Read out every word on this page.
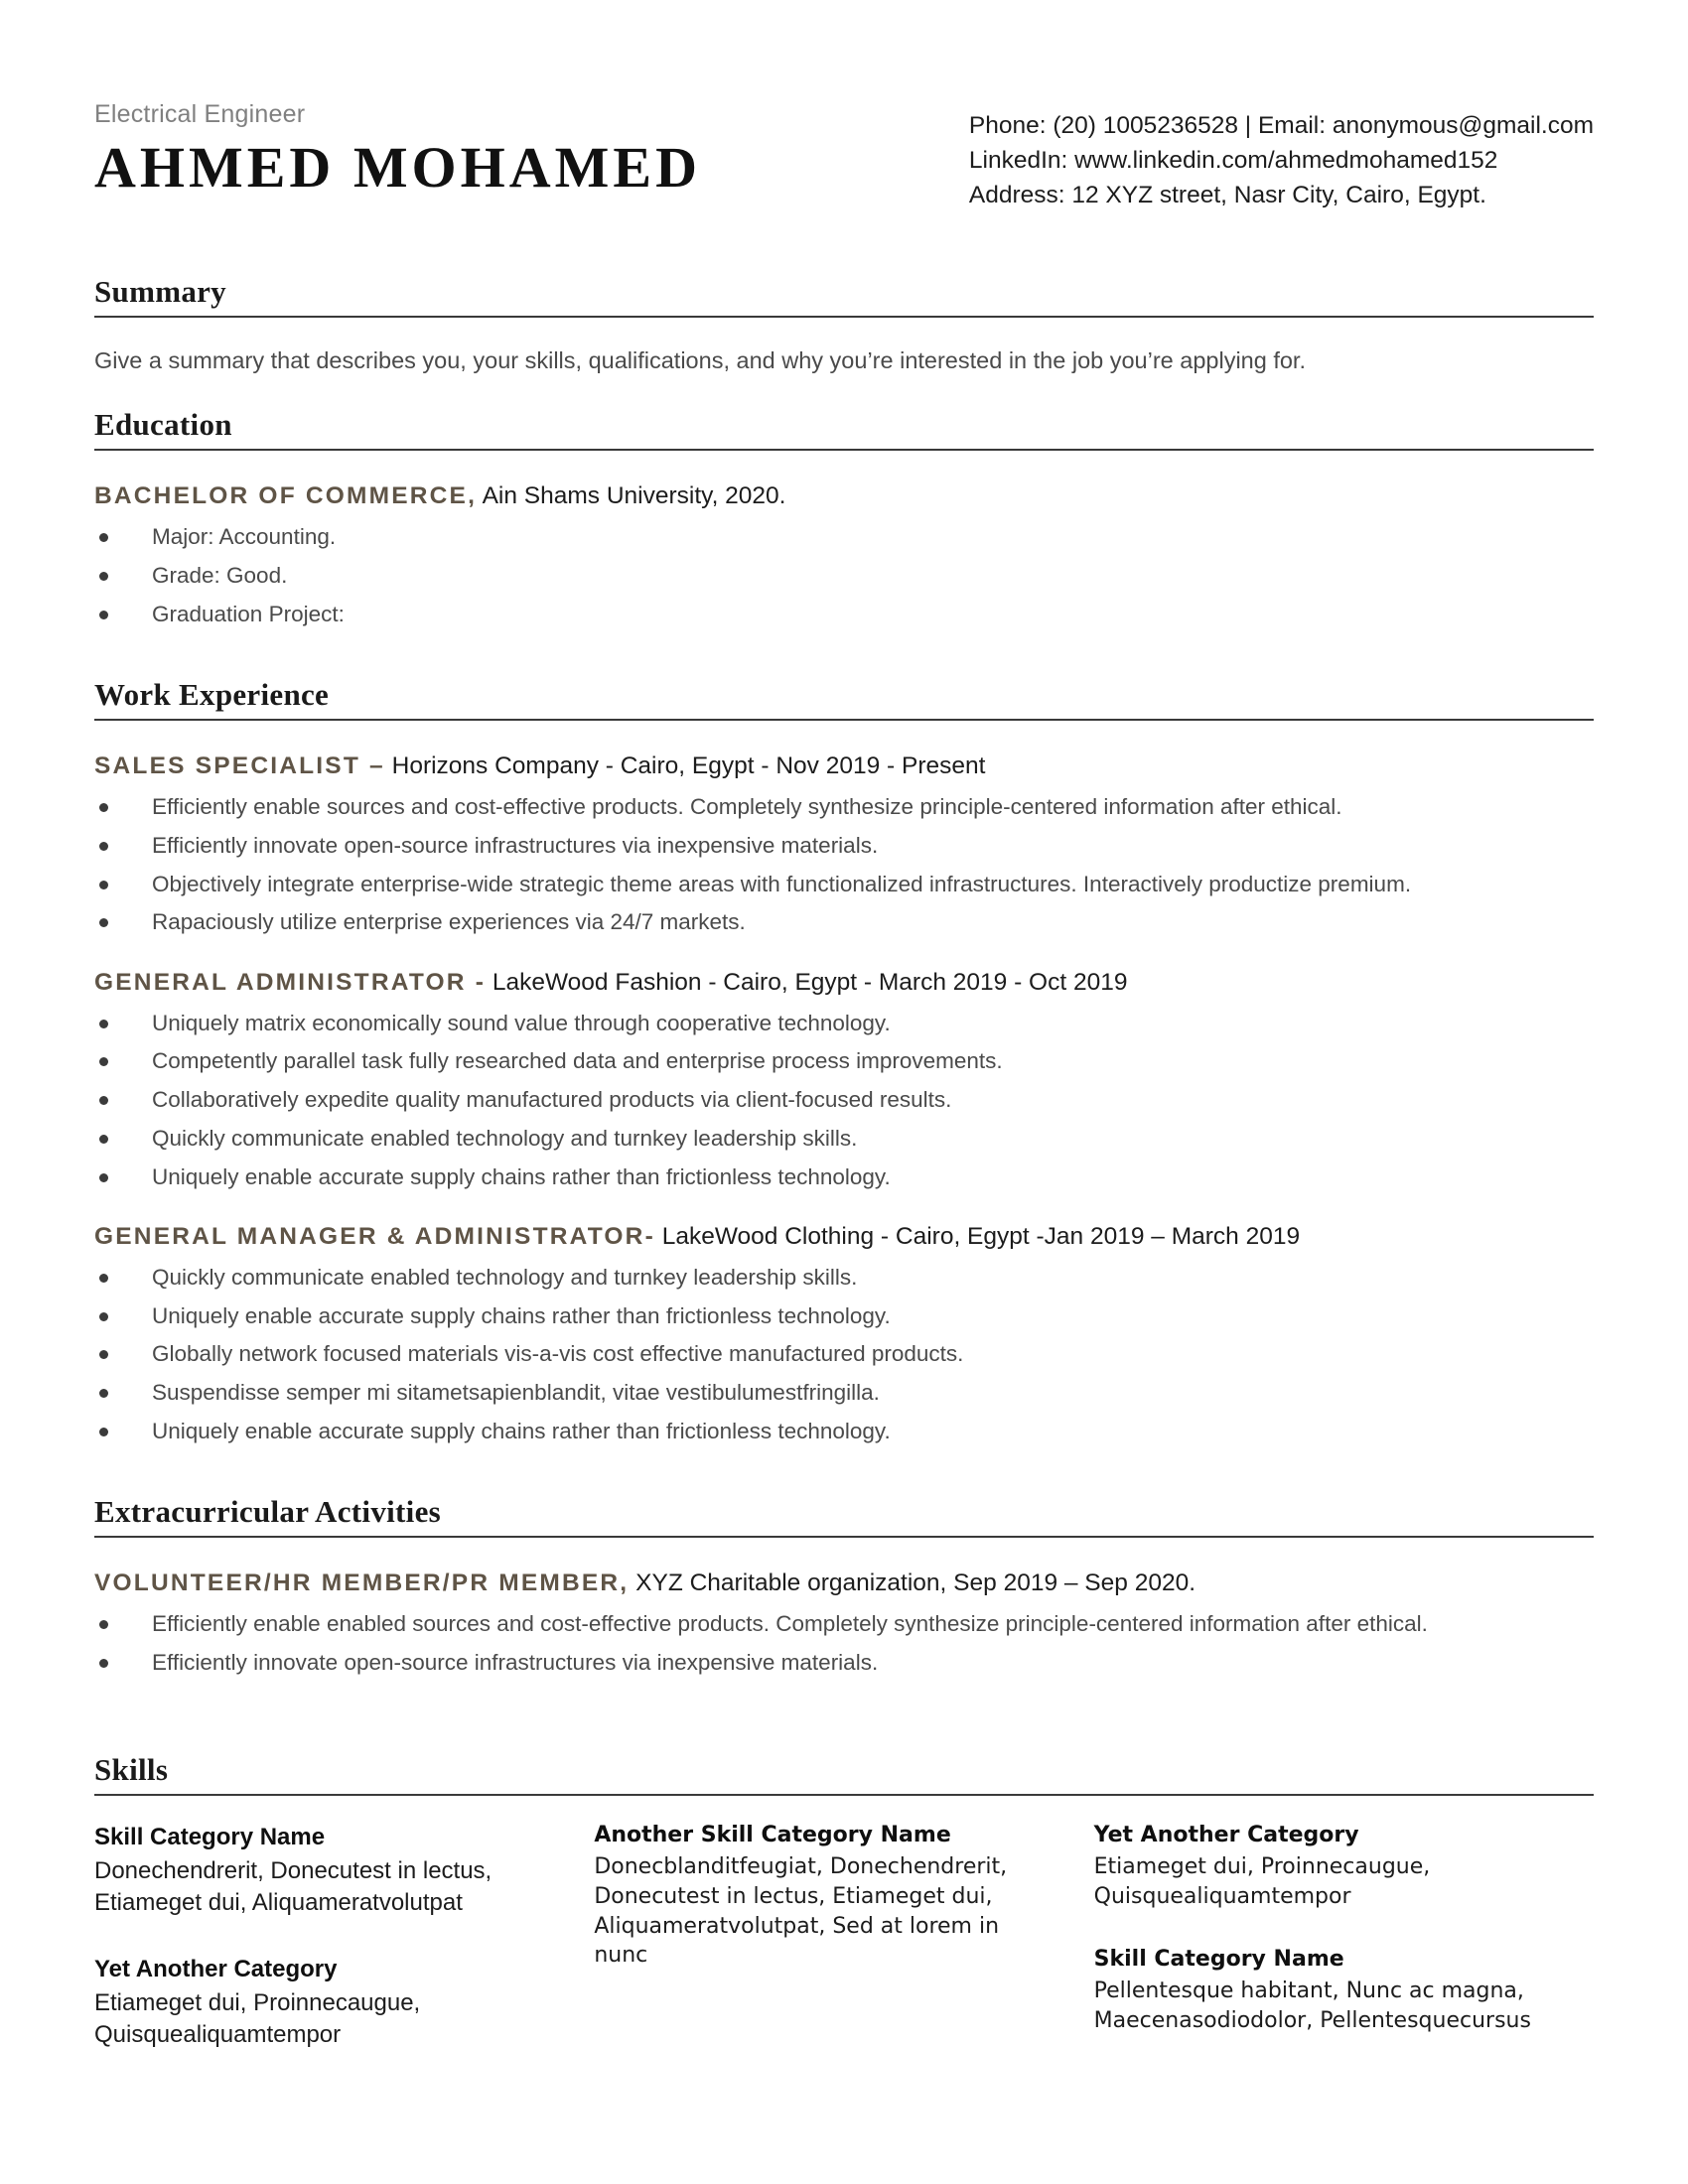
Electrical Engineer
AHMED MOHAMED
Phone: (20) 1005236528 | Email: anonymous@gmail.com
LinkedIn: www.linkedin.com/ahmedmohamed152
Address: 12 XYZ street, Nasr City, Cairo, Egypt.
Summary

Give a summary that describes you, your skills, qualifications, and why you’re interested in the job you’re applying for.

Education
BACHELOR OF COMMERCE, Ain Shams University, 2020.
Major: Accounting.
Grade: Good.
Graduation Project:
Work Experience
SALES SPECIALIST – Horizons Company - Cairo, Egypt - Nov 2019 - Present
Efficiently enable sources and cost-effective products. Completely synthesize principle-centered information after ethical.
Efficiently innovate open-source infrastructures via inexpensive materials.
Objectively integrate enterprise-wide strategic theme areas with functionalized infrastructures. Interactively productize premium.
Rapaciously utilize enterprise experiences via 24/7 markets.
GENERAL ADMINISTRATOR - LakeWood Fashion - Cairo, Egypt - March 2019 - Oct 2019
Uniquely matrix economically sound value through cooperative technology.
Competently parallel task fully researched data and enterprise process improvements.
Collaboratively expedite quality manufactured products via client-focused results.
Quickly communicate enabled technology and turnkey leadership skills.
Uniquely enable accurate supply chains rather than frictionless technology.
GENERAL MANAGER & ADMINISTRATOR- LakeWood Clothing - Cairo, Egypt -Jan 2019 – March 2019
Quickly communicate enabled technology and turnkey leadership skills.
Uniquely enable accurate supply chains rather than frictionless technology.
Globally network focused materials vis-a-vis cost effective manufactured products.
Suspendisse semper mi sitametsapienblandit, vitae vestibulumestfringilla.
Uniquely enable accurate supply chains rather than frictionless technology.
Extracurricular Activities
VOLUNTEER/HR MEMBER/PR MEMBER, XYZ Charitable organization, Sep 2019 – Sep 2020.
Efficiently enable enabled sources and cost-effective products. Completely synthesize principle-centered information after ethical.
Efficiently innovate open-source infrastructures via inexpensive materials.
Skills
Skill Category Name
Donechendrerit, Donecutest in lectus, Etiameget dui, Aliquameratvolutpat
Yet Another Category
Etiameget dui, Proinnecaugue, Quisquealiquamtempor
Another Skill Category Name
Donecblanditfeugiat, Donechendrerit, Donecutest in lectus, Etiameget dui, Aliquameratvolutpat, Sed at lorem in nunc
Yet Another Category
Etiameget dui, Proinnecaugue, Quisquealiquamtempor
Skill Category Name
Pellentesque habitant, Nunc ac magna, Maecenasodiodolor, Pellentesquecursus
